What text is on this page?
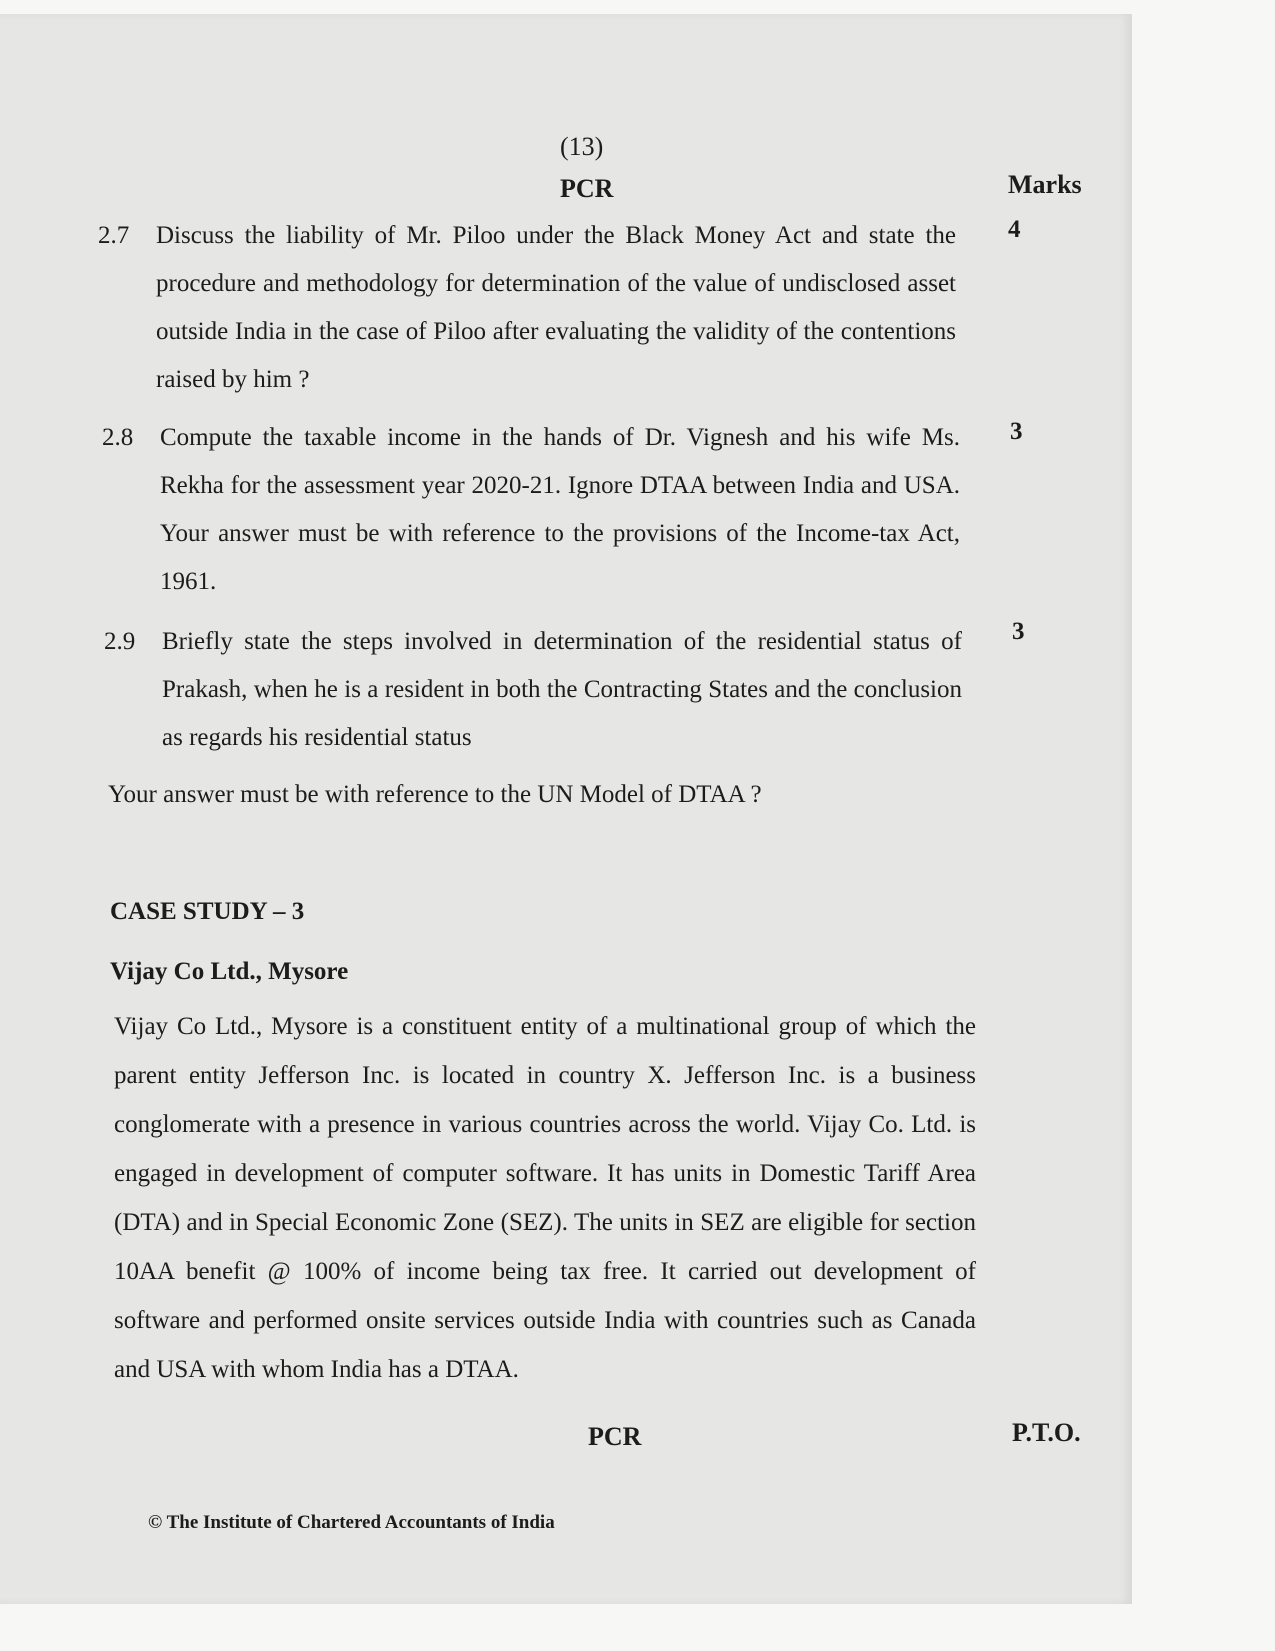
(13)
PCR	Marks
2.7 Discuss the liability of Mr. Piloo under the Black Money Act and state the procedure and methodology for determination of the value of undisclosed asset outside India in the case of Piloo after evaluating the validity of the contentions raised by him ?
4
2.8 Compute the taxable income in the hands of Dr. Vignesh and his wife Ms. Rekha for the assessment year 2020-21. Ignore DTAA between India and USA. Your answer must be with reference to the provisions of the Income-tax Act, 1961.
3
2.9 Briefly state the steps involved in determination of the residential status of Prakash, when he is a resident in both the Contracting States and the conclusion as regards his residential status
3
Your answer must be with reference to the UN Model of DTAA ?
CASE STUDY – 3
Vijay Co Ltd., Mysore
Vijay Co Ltd., Mysore is a constituent entity of a multinational group of which the parent entity Jefferson Inc. is located in country X. Jefferson Inc. is a business conglomerate with a presence in various countries across the world. Vijay Co. Ltd. is engaged in development of computer software. It has units in Domestic Tariff Area (DTA) and in Special Economic Zone (SEZ). The units in SEZ are eligible for section 10AA benefit @ 100% of income being tax free. It carried out development of software and performed onsite services outside India with countries such as Canada and USA with whom India has a DTAA.
PCR	P.T.O.
© The Institute of Chartered Accountants of India
